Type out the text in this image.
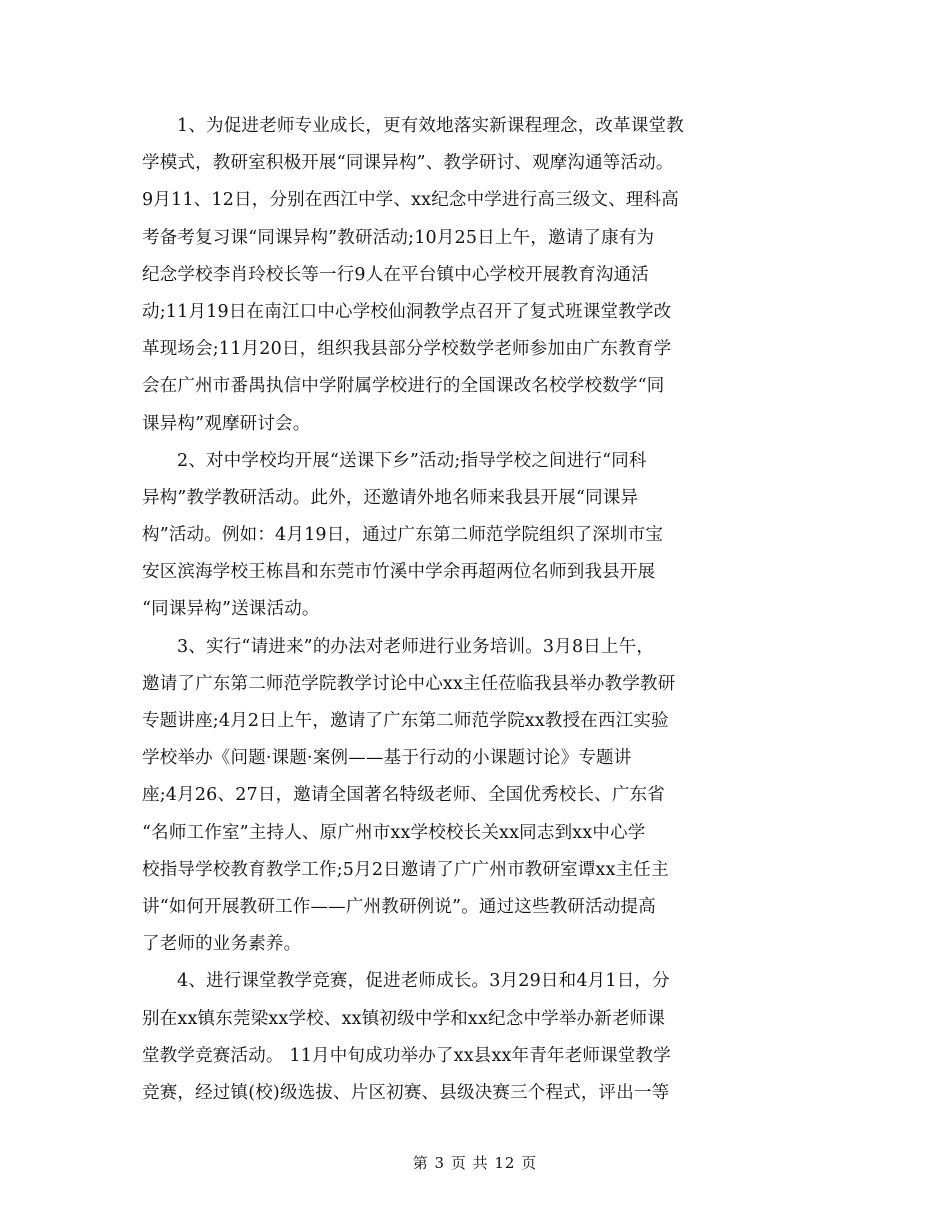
1、为促进老师专业成长，更有效地落实新课程理念，改革课堂教
学模式，教研室积极开展“同课异构”、教学研讨、观摩沟通等活动。
9月11、12日，分别在西江中学、xx纪念中学进行高三级文、理科高
考备考复习课“同课异构”教研活动;10月25日上午，邀请了康有为
纪念学校李肖玲校长等一行9人在平台镇中心学校开展教育沟通活
动;11月19日在南江口中心学校仙洞教学点召开了复式班课堂教学改
革现场会;11月20日，组织我县部分学校数学老师参加由广东教育学
会在广州市番禺执信中学附属学校进行的全国课改名校学校数学“同
课异构”观摩研讨会。
2、对中学校均开展“送课下乡”活动;指导学校之间进行“同科
异构”教学教研活动。此外，还邀请外地名师来我县开展“同课异
构”活动。例如：4月19日，通过广东第二师范学院组织了深圳市宝
安区滨海学校王栋昌和东莞市竹溪中学余再超两位名师到我县开展
“同课异构”送课活动。
3、实行“请进来”的办法对老师进行业务培训。3月8日上午，
邀请了广东第二师范学院教学讨论中心xx主任莅临我县举办教学教研
专题讲座;4月2日上午，邀请了广东第二师范学院xx教授在西江实验
学校举办《问题·课题·案例——基于行动的小课题讨论》专题讲
座;4月26、27日，邀请全国著名特级老师、全国优秀校长、广东省
“名师工作室”主持人、原广州市xx学校校长关xx同志到xx中心学
校指导学校教育教学工作;5月2日邀请了广广州市教研室谭xx主任主
讲“如何开展教研工作——广州教研例说”。通过这些教研活动提高
了老师的业务素养。
4、进行课堂教学竞赛，促进老师成长。3月29日和4月1日，分
别在xx镇东莞梁xx学校、xx镇初级中学和xx纪念中学举办新老师课
堂教学竞赛活动。 11月中旬成功举办了xx县xx年青年老师课堂教学
竞赛，经过镇(校)级选拔、片区初赛、县级决赛三个程式，评出一等
第 3 页 共 12 页
